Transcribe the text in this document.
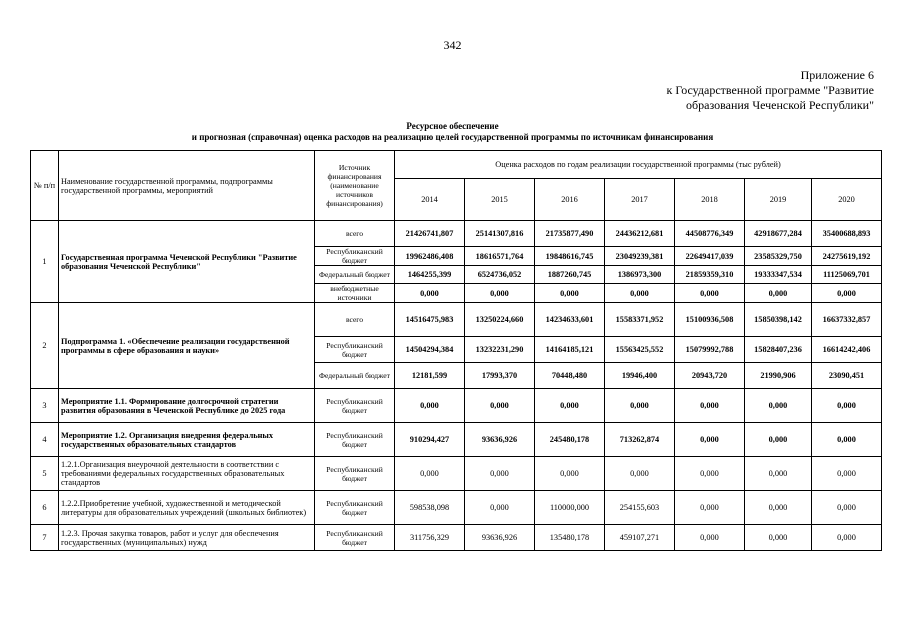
342
Приложение 6
к Государственной программе "Развитие
образования Чеченской Республики"
Ресурсное обеспечение
и прогнозная (справочная) оценка расходов на реализацию целей государственной программы по источникам финансирования
№ п/п	Наименование государственной программы, подпрограммы государственной программы, мероприятий	Источник финансирования (наименование источников финансирования)	Оценка расходов по годам реализации государственной программы (тыс рублей)						
			2014	2015	2016	2017	2018	2019	2020
1	Государственная программа Чеченской Республики "Развитие образования Чеченской Республики"	всего	21426741,807	25141307,816	21735877,490	24436212,681	44508776,349	42918677,284	35400688,893
		Республиканский бюджет	19962486,408	18616571,764	19848616,745	23049239,381	22649417,039	23585329,750	24275619,192
		Федеральный бюджет	1464255,399	6524736,052	1887260,745	1386973,300	21859359,310	19333347,534	11125069,701
		внебюджетные источники	0,000	0,000	0,000	0,000	0,000	0,000	0,000
2	Подпрограмма 1. «Обеспечение реализации государственной программы в сфере образования и науки»	всего	14516475,983	13250224,660	14234633,601	15583371,952	15100936,508	15850398,142	16637332,857
		Республиканский бюджет	14504294,384	13232231,290	14164185,121	15563425,552	15079992,788	15828407,236	16614242,406
		Федеральный бюджет	12181,599	17993,370	70448,480	19946,400	20943,720	21990,906	23090,451
3	Мероприятие 1.1. Формирование долгосрочной стратегии развития образования в Чеченской Республике до 2025 года	Республиканский бюджет	0,000	0,000	0,000	0,000	0,000	0,000	0,000
4	Мероприятие 1.2. Организация внедрения федеральных государственных образовательных стандартов	Республиканский бюджет	910294,427	93636,926	245480,178	713262,874	0,000	0,000	0,000
5	1.2.1.Организация внеурочной деятельности в соответствии с требованиями федеральных государственных образовательных стандартов	Республиканский бюджет	0,000	0,000	0,000	0,000	0,000	0,000	0,000
6	1.2.2.Приобретение учебной, художественной и методической литературы для образовательных учреждений (школьных библиотек)	Республиканский бюджет	598538,098	0,000	110000,000	254155,603	0,000	0,000	0,000
7	1.2.3. Прочая закупка товаров, работ и услуг для обеспечения государственных (муниципальных) нужд	Республиканский бюджет	311756,329	93636,926	135480,178	459107,271	0,000	0,000	0,000
